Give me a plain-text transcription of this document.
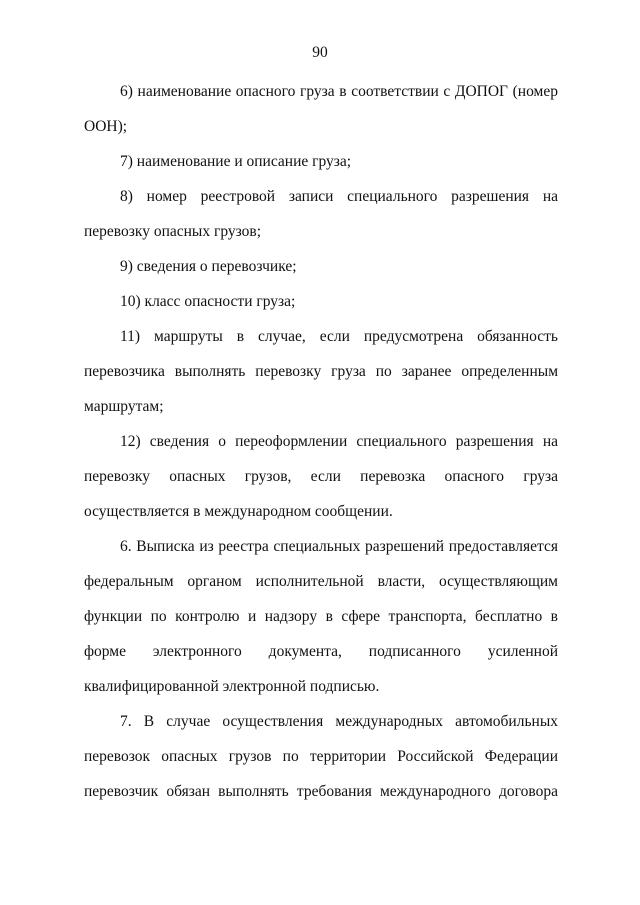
90

6) наименование опасного груза в соответствии с ДОПОГ (номер ООН);

7) наименование и описание груза;

8) номер реестровой записи специального разрешения на перевозку опасных грузов;

9) сведения о перевозчике;

10) класс опасности груза;

11) маршруты в случае, если предусмотрена обязанность перевозчика выполнять перевозку груза по заранее определенным маршрутам;

12) сведения о переоформлении специального разрешения на перевозку опасных грузов, если перевозка опасного груза осуществляется в международном сообщении.

6. Выписка из реестра специальных разрешений предоставляется федеральным органом исполнительной власти, осуществляющим функции по контролю и надзору в сфере транспорта, бесплатно в форме электронного документа, подписанного усиленной квалифицированной электронной подписью.

7. В случае осуществления международных автомобильных перевозок опасных грузов по территории Российской Федерации перевозчик обязан выполнять требования международного договора
